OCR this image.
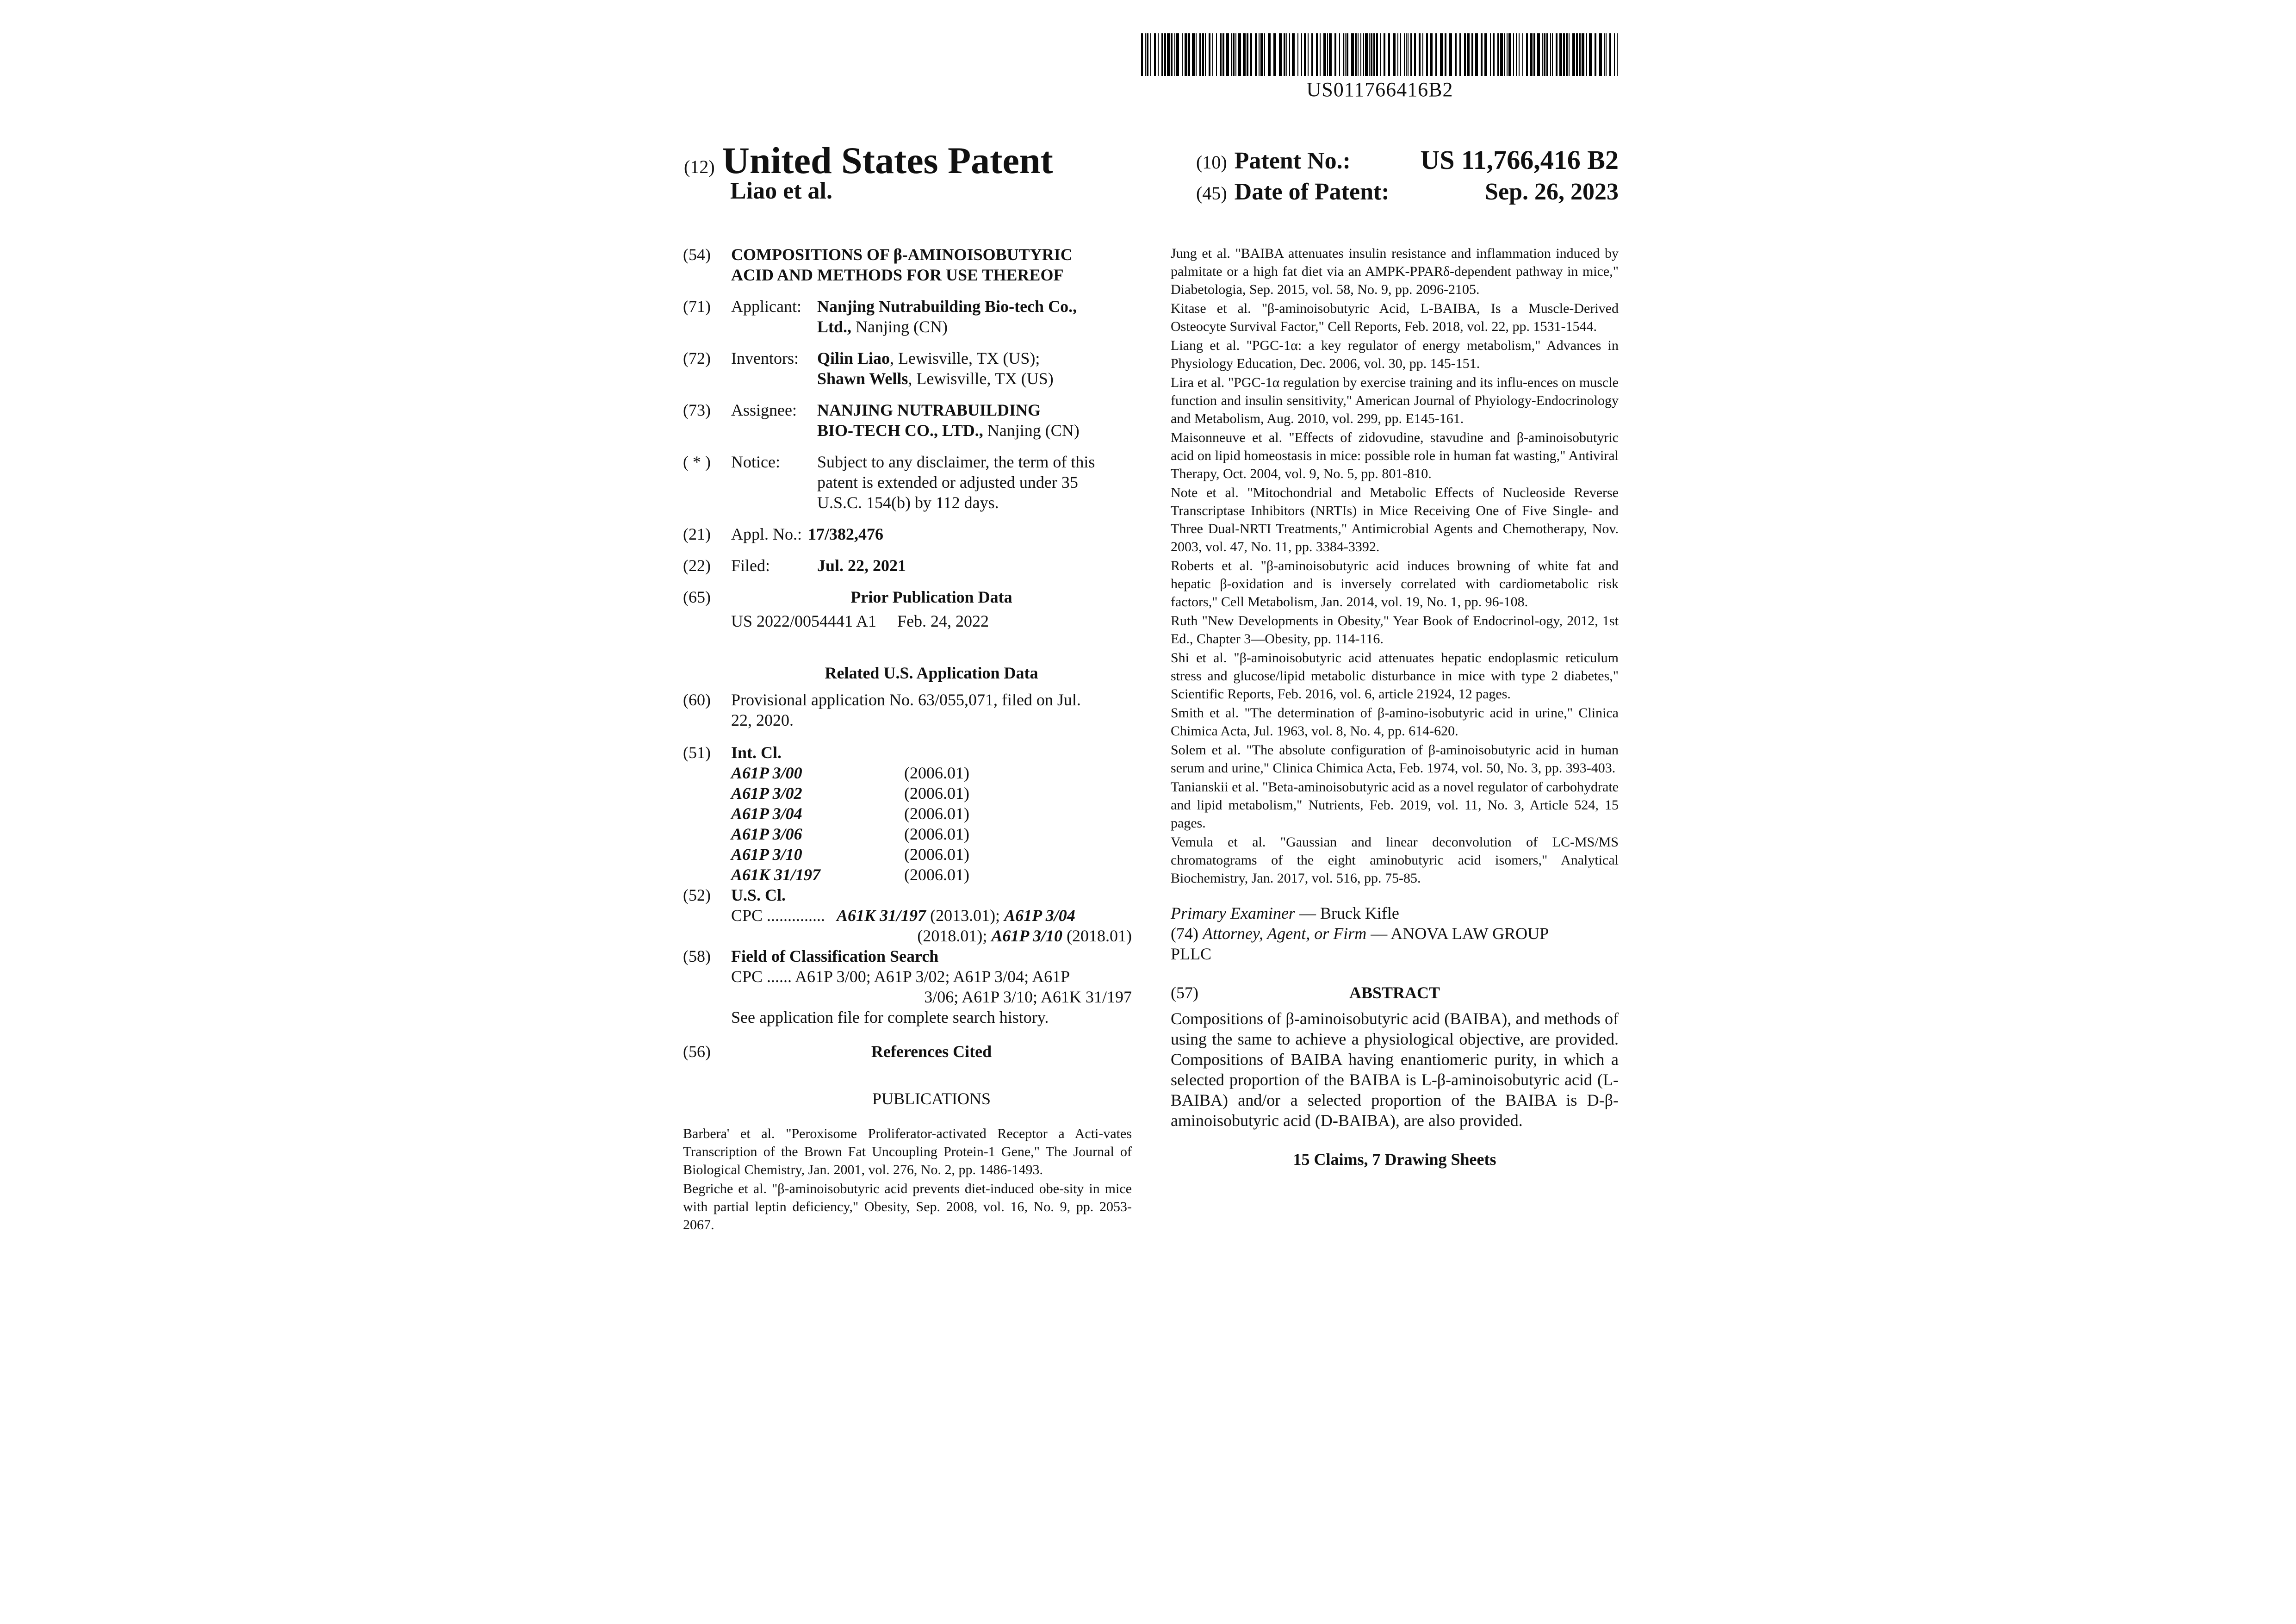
US011766416B2
(12) United States Patent
Liao et al.
(10) Patent No.:	US 11,766,416 B2
(45) Date of Patent:	Sep. 26, 2023
(54)	COMPOSITIONS OF β-AMINOISOBUTYRIC
ACID AND METHODS FOR USE THEREOF
(71)	Applicant: Nanjing Nutrabuilding Bio-tech Co.,
Ltd., Nanjing (CN)
(72)	Inventors: Qilin Liao, Lewisville, TX (US);
Shawn Wells, Lewisville, TX (US)
(73)	Assignee: NANJING NUTRABUILDING
BIO-TECH CO., LTD., Nanjing (CN)
( * )	Notice: Subject to any disclaimer, the term of this
patent is extended or adjusted under 35
U.S.C. 154(b) by 112 days.
(21)	Appl. No.: 17/382,476
(22)	Filed:	Jul. 22, 2021
(65)	Prior Publication Data
US 2022/0054441 A1 Feb. 24, 2022
Related U.S. Application Data
(60)	Provisional application No. 63/055,071, filed on Jul.
22, 2020.
(51)	Int. Cl.
A61P 3/00	(2006.01)
A61P 3/02	(2006.01)
A61P 3/04	(2006.01)
A61P 3/06	(2006.01)
A61P 3/10	(2006.01)
A61K 31/197	(2006.01)
(52)	U.S. Cl.
CPC .............. A61K 31/197 (2013.01); A61P 3/04
(2018.01); A61P 3/10 (2018.01)
(58)	Field of Classification Search
CPC ...... A61P 3/00; A61P 3/02; A61P 3/04; A61P
3/06; A61P 3/10; A61K 31/197
See application file for complete search history.
(56)	References Cited
PUBLICATIONS
Barbera' et al. "Peroxisome Proliferator-activated Receptor a Acti-vates Transcription of the Brown Fat Uncoupling Protein-1 Gene," The Journal of Biological Chemistry, Jan. 2001, vol. 276, No. 2, pp. 1486-1493.
Begriche et al. "β-aminoisobutyric acid prevents diet-induced obe-sity in mice with partial leptin deficiency," Obesity, Sep. 2008, vol. 16, No. 9, pp. 2053-2067.
Jung et al. "BAIBA attenuates insulin resistance and inflammation induced by palmitate or a high fat diet via an AMPK-PPARδ-dependent pathway in mice," Diabetologia, Sep. 2015, vol. 58, No. 9, pp. 2096-2105.
Kitase et al. "β-aminoisobutyric Acid, L-BAIBA, Is a Muscle-Derived Osteocyte Survival Factor," Cell Reports, Feb. 2018, vol. 22, pp. 1531-1544.
Liang et al. "PGC-1α: a key regulator of energy metabolism," Advances in Physiology Education, Dec. 2006, vol. 30, pp. 145-151.
Lira et al. "PGC-1α regulation by exercise training and its influ-ences on muscle function and insulin sensitivity," American Journal of Phyiology-Endocrinology and Metabolism, Aug. 2010, vol. 299, pp. E145-161.
Maisonneuve et al. "Effects of zidovudine, stavudine and β-aminoisobutyric acid on lipid homeostasis in mice: possible role in human fat wasting," Antiviral Therapy, Oct. 2004, vol. 9, No. 5, pp. 801-810.
Note et al. "Mitochondrial and Metabolic Effects of Nucleoside Reverse Transcriptase Inhibitors (NRTIs) in Mice Receiving One of Five Single- and Three Dual-NRTI Treatments," Antimicrobial Agents and Chemotherapy, Nov. 2003, vol. 47, No. 11, pp. 3384-3392.
Roberts et al. "β-aminoisobutyric acid induces browning of white fat and hepatic β-oxidation and is inversely correlated with cardiometabolic risk factors," Cell Metabolism, Jan. 2014, vol. 19, No. 1, pp. 96-108.
Ruth "New Developments in Obesity," Year Book of Endocrinol-ogy, 2012, 1st Ed., Chapter 3—Obesity, pp. 114-116.
Shi et al. "β-aminoisobutyric acid attenuates hepatic endoplasmic reticulum stress and glucose/lipid metabolic disturbance in mice with type 2 diabetes," Scientific Reports, Feb. 2016, vol. 6, article 21924, 12 pages.
Smith et al. "The determination of β-amino-isobutyric acid in urine," Clinica Chimica Acta, Jul. 1963, vol. 8, No. 4, pp. 614-620.
Solem et al. "The absolute configuration of β-aminoisobutyric acid in human serum and urine," Clinica Chimica Acta, Feb. 1974, vol. 50, No. 3, pp. 393-403.
Tanianskii et al. "Beta-aminoisobutyric acid as a novel regulator of carbohydrate and lipid metabolism," Nutrients, Feb. 2019, vol. 11, No. 3, Article 524, 15 pages.
Vemula et al. "Gaussian and linear deconvolution of LC-MS/MS chromatograms of the eight aminobutyric acid isomers," Analytical Biochemistry, Jan. 2017, vol. 516, pp. 75-85.
Primary Examiner — Bruck Kifle
(74) Attorney, Agent, or Firm — ANOVA LAW GROUP
PLLC
(57)	ABSTRACT
Compositions of β-aminoisobutyric acid (BAIBA), and methods of using the same to achieve a physiological objective, are provided. Compositions of BAIBA having enantiomeric purity, in which a selected proportion of the BAIBA is L-β-aminoisobutyric acid (L-BAIBA) and/or a selected proportion of the BAIBA is D-β-aminoisobutyric acid (D-BAIBA), are also provided.
15 Claims, 7 Drawing Sheets
